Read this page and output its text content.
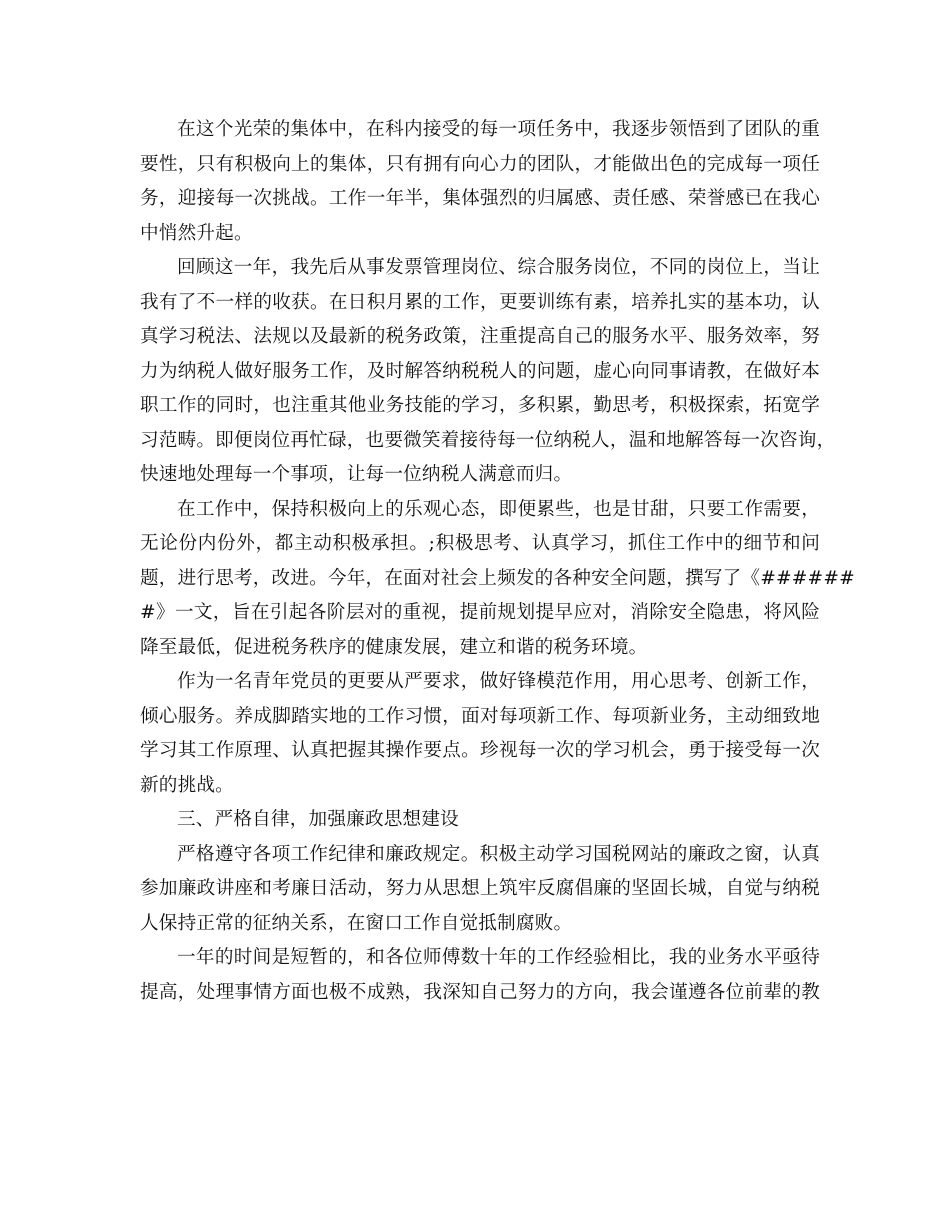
在这个光荣的集体中，在科内接受的每一项任务中，我逐步领悟到了团队的重
要性，只有积极向上的集体，只有拥有向心力的团队，才能做出色的完成每一项任
务，迎接每一次挑战。工作一年半，集体强烈的归属感、责任感、荣誉感已在我心
中悄然升起。
回顾这一年，我先后从事发票管理岗位、综合服务岗位，不同的岗位上，当让
我有了不一样的收获。在日积月累的工作，更要训练有素，培养扎实的基本功，认
真学习税法、法规以及最新的税务政策，注重提高自己的服务水平、服务效率，努
力为纳税人做好服务工作，及时解答纳税税人的问题，虚心向同事请教，在做好本
职工作的同时，也注重其他业务技能的学习，多积累，勤思考，积极探索，拓宽学
习范畴。即便岗位再忙碌，也要微笑着接待每一位纳税人，温和地解答每一次咨询，
快速地处理每一个事项，让每一位纳税人满意而归。
在工作中，保持积极向上的乐观心态，即便累些，也是甘甜，只要工作需要，
无论份内份外，都主动积极承担。;积极思考、认真学习，抓住工作中的细节和问
题，进行思考，改进。今年，在面对社会上频发的各种安全问题，撰写了《######
#》一文，旨在引起各阶层对的重视，提前规划提早应对，消除安全隐患，将风险
降至最低，促进税务秩序的健康发展，建立和谐的税务环境。
作为一名青年党员的更要从严要求，做好锋模范作用，用心思考、创新工作，
倾心服务。养成脚踏实地的工作习惯，面对每项新工作、每项新业务，主动细致地
学习其工作原理、认真把握其操作要点。珍视每一次的学习机会，勇于接受每一次
新的挑战。
三、严格自律，加强廉政思想建设
严格遵守各项工作纪律和廉政规定。积极主动学习国税网站的廉政之窗，认真
参加廉政讲座和考廉日活动，努力从思想上筑牢反腐倡廉的坚固长城，自觉与纳税
人保持正常的征纳关系，在窗口工作自觉抵制腐败。
一年的时间是短暂的，和各位师傅数十年的工作经验相比，我的业务水平亟待
提高，处理事情方面也极不成熟，我深知自己努力的方向，我会谨遵各位前辈的教
